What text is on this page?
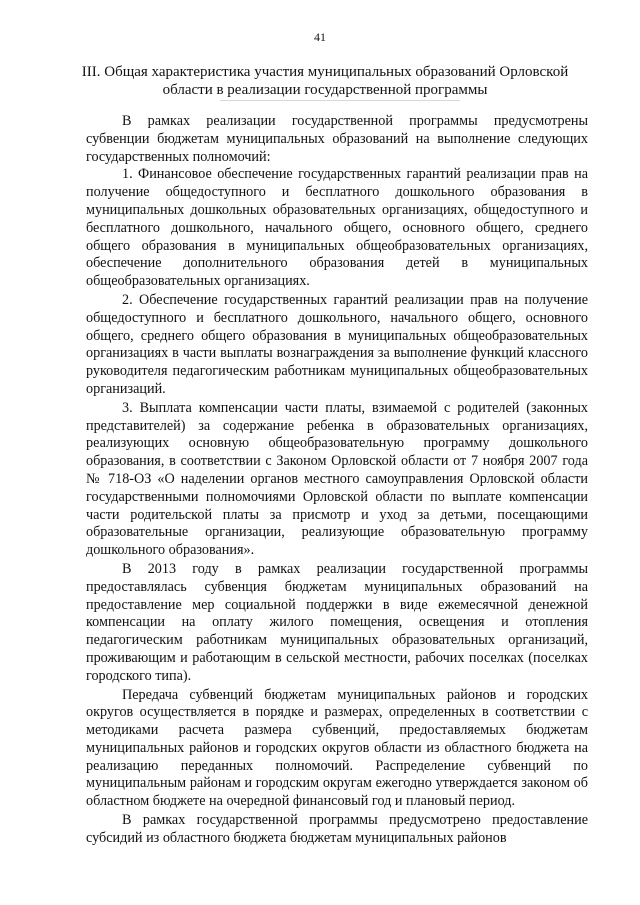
41
III. Общая характеристика участия муниципальных образований Орловской области в реализации государственной программы

В рамках реализации государственной программы предусмотрены субвенции бюджетам муниципальных образований на выполнение следующих государственных полномочий:

1. Финансовое обеспечение государственных гарантий реализации прав на получение общедоступного и бесплатного дошкольного образования в муниципальных дошкольных образовательных организациях, общедоступного и бесплатного дошкольного, начального общего, основного общего, среднего общего образования в муниципальных общеобразовательных организациях, обеспечение дополнительного образования детей в муниципальных общеобразовательных организациях.

2. Обеспечение государственных гарантий реализации прав на получение общедоступного и бесплатного дошкольного, начального общего, основного общего, среднего общего образования в муниципальных общеобразовательных организациях в части выплаты вознаграждения за выполнение функций классного руководителя педагогическим работникам муниципальных общеобразовательных организаций.

3. Выплата компенсации части платы, взимаемой с родителей (законных представителей) за содержание ребенка в образовательных организациях, реализующих основную общеобразовательную программу дошкольного образования, в соответствии с Законом Орловской области от 7 ноября 2007 года № 718-ОЗ «О наделении органов местного самоуправления Орловской области государственными полномочиями Орловской области по выплате компенсации части родительской платы за присмотр и уход за детьми, посещающими образовательные организации, реализующие образовательную программу дошкольного образования».

В 2013 году в рамках реализации государственной программы предоставлялась субвенция бюджетам муниципальных образований на предоставление мер социальной поддержки в виде ежемесячной денежной компенсации на оплату жилого помещения, освещения и отопления педагогическим работникам муниципальных образовательных организаций, проживающим и работающим в сельской местности, рабочих поселках (поселках городского типа).

Передача субвенций бюджетам муниципальных районов и городских округов осуществляется в порядке и размерах, определенных в соответствии с методиками расчета размера субвенций, предоставляемых бюджетам муниципальных районов и городских округов области из областного бюджета на реализацию переданных полномочий. Распределение субвенций по муниципальным районам и городским округам ежегодно утверждается законом об областном бюджете на очередной финансовый год и плановый период.

В рамках государственной программы предусмотрено предоставление субсидий из областного бюджета бюджетам муниципальных районов
